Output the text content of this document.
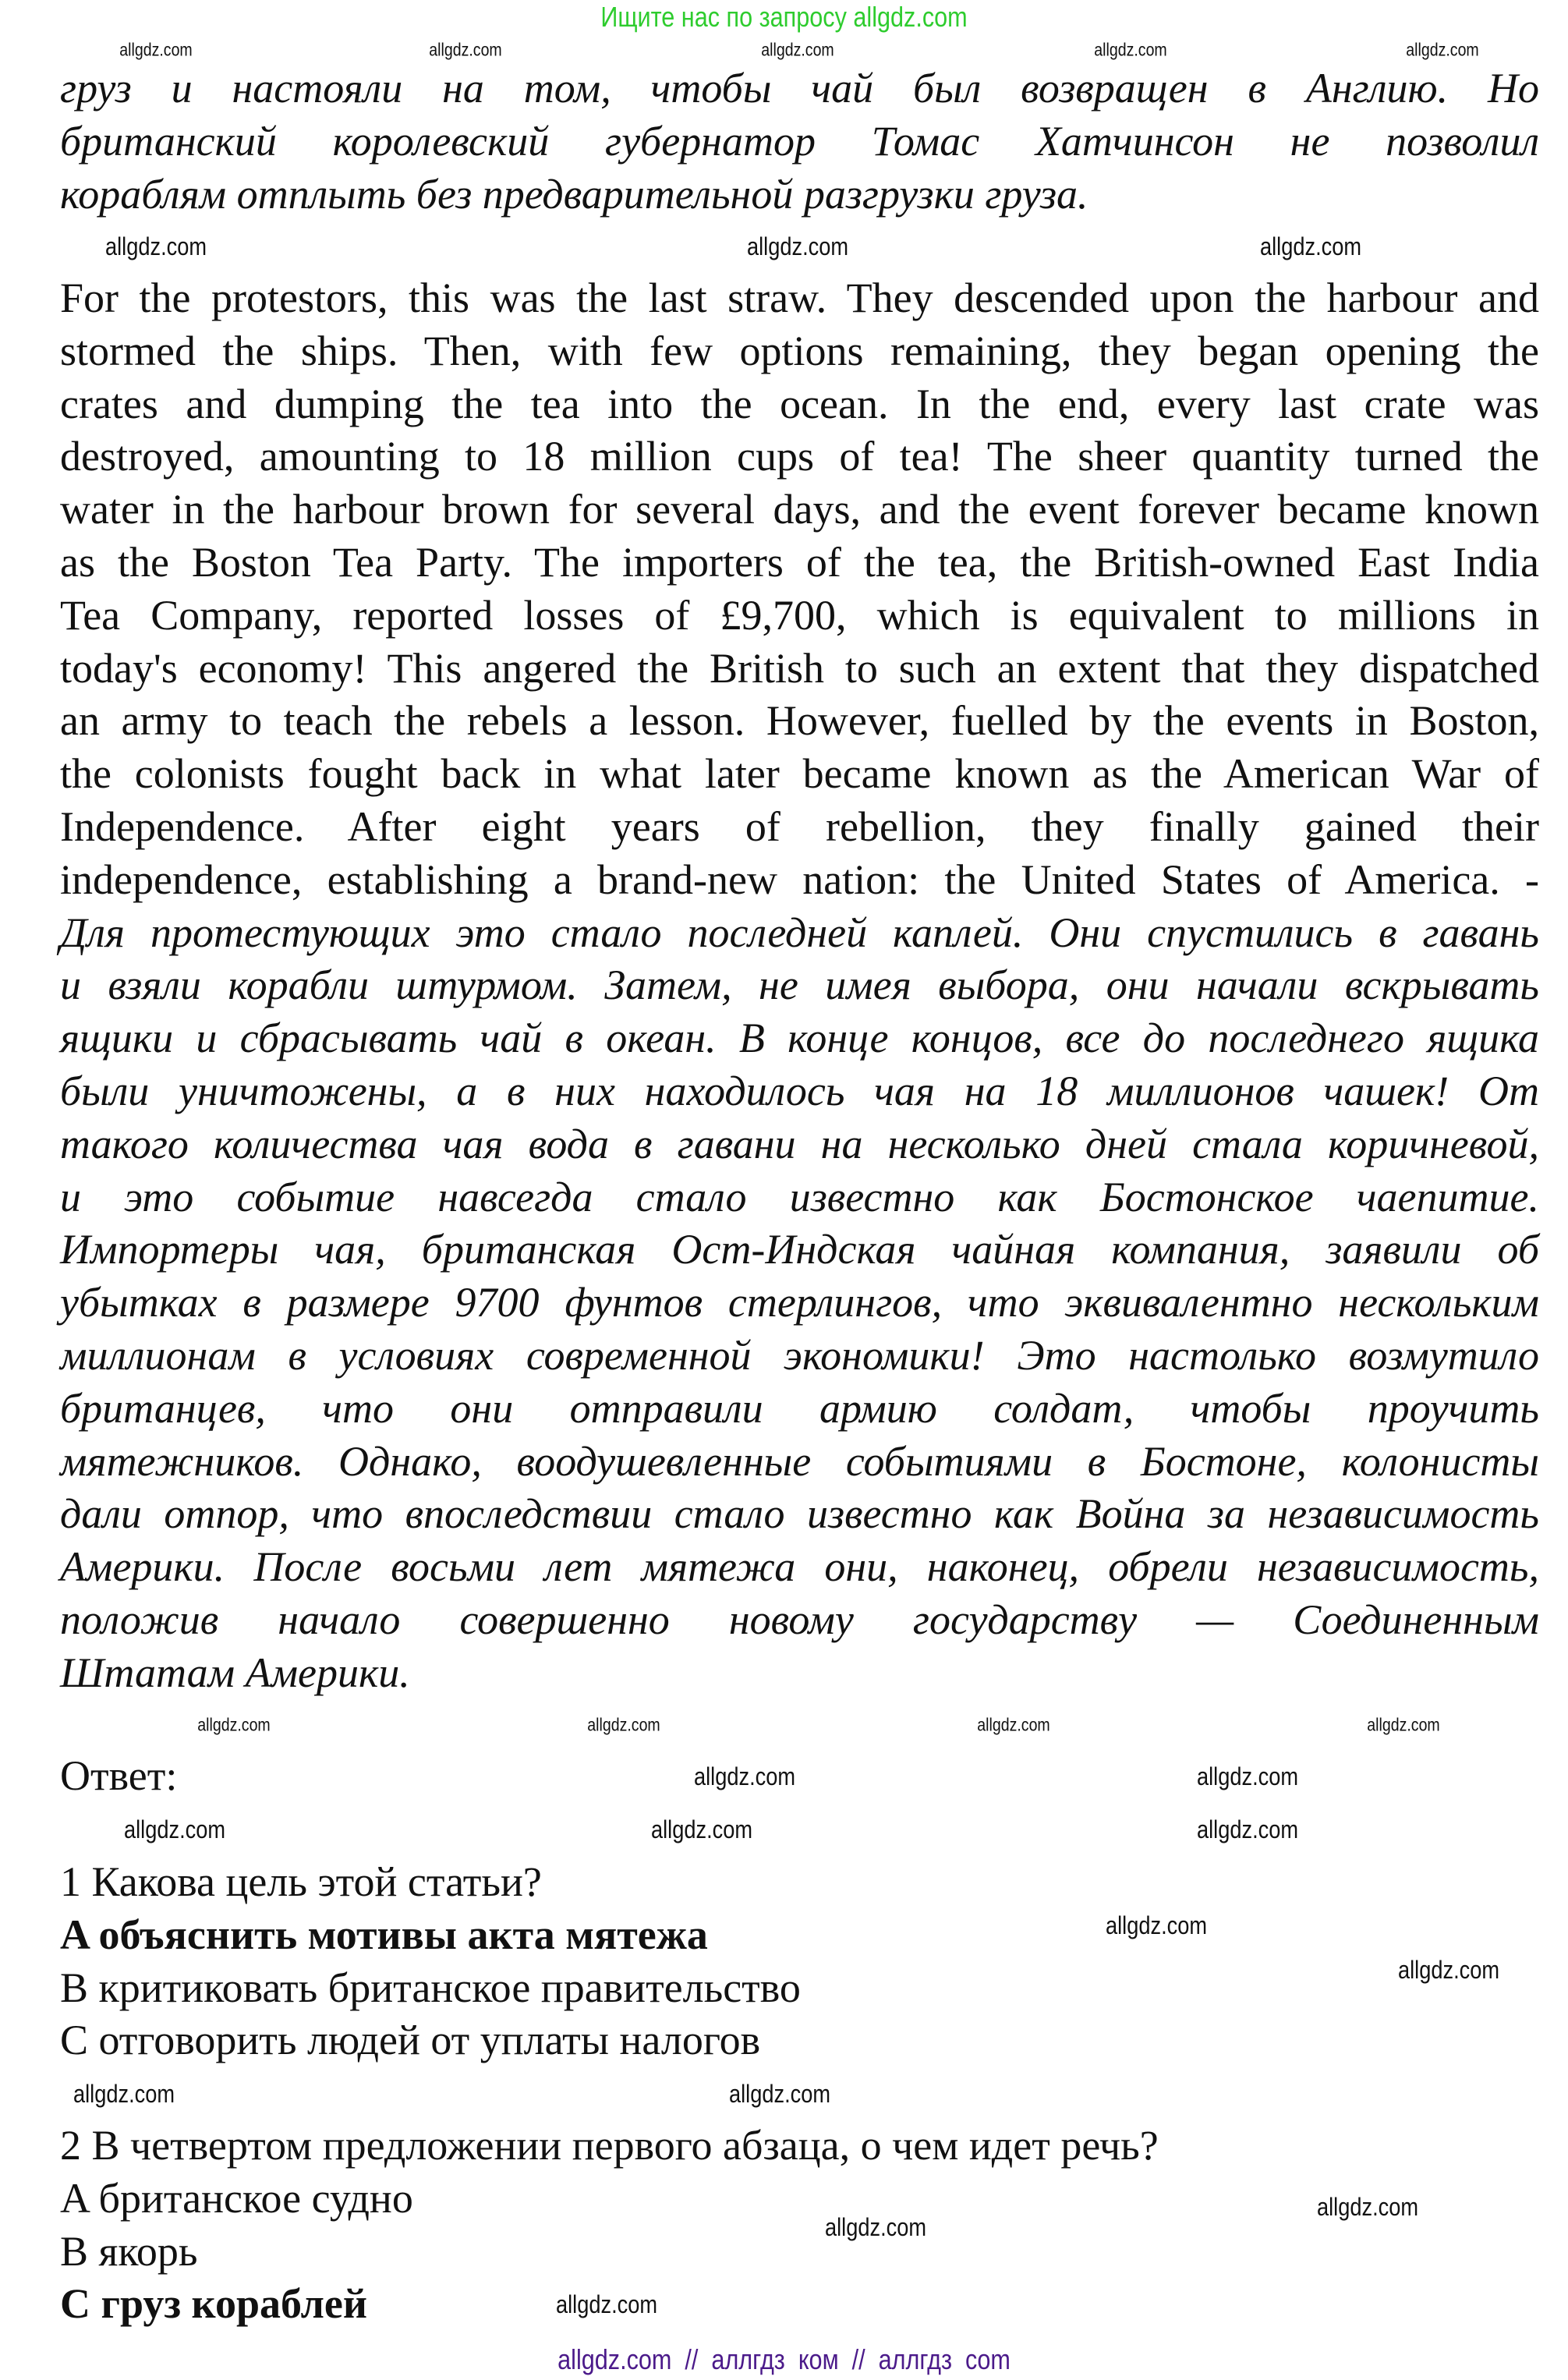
Ищите нас по запросу allgdz.com
груз и настояли на том, чтобы чай был возвращен в Англию. Но
британский королевский губернатор Томас Хатчинсон не позволил
кораблям отплыть без предварительной разгрузки груза.
For the protestors, this was the last straw. They descended upon the harbour and
stormed the ships. Then, with few options remaining, they began opening the
crates and dumping the tea into the ocean. In the end, every last crate was
destroyed, amounting to 18 million cups of tea! The sheer quantity turned the
water in the harbour brown for several days, and the event forever became known
as the Boston Tea Party. The importers of the tea, the British-owned East India
Tea Company, reported losses of £9,700, which is equivalent to millions in
today's economy! This angered the British to such an extent that they dispatched
an army to teach the rebels a lesson. However, fuelled by the events in Boston,
the colonists fought back in what later became known as the American War of
Independence. After eight years of rebellion, they finally gained their
independence, establishing a brand-new nation: the United States of America. -
Для протестующих это стало последней каплей. Они спустились в гавань
и взяли корабли штурмом. Затем, не имея выбора, они начали вскрывать
ящики и сбрасывать чай в океан. В конце концов, все до последнего ящика
были уничтожены, а в них находилось чая на 18 миллионов чашек! От
такого количества чая вода в гавани на несколько дней стала коричневой,
и это событие навсегда стало известно как Бостонское чаепитие.
Импортеры чая, британская Ост-Индская чайная компания, заявили об
убытках в размере 9700 фунтов стерлингов, что эквивалентно нескольким
миллионам в условиях современной экономики! Это настолько возмутило
британцев, что они отправили армию солдат, чтобы проучить
мятежников. Однако, воодушевленные событиями в Бостоне, колонисты
дали отпор, что впоследствии стало известно как Война за независимость
Америки. После восьми лет мятежа они, наконец, обрели независимость,
положив начало совершенно новому государству — Соединенным
Штатам Америки.
Ответ:
1 Какова цель этой статьи?
A объяснить мотивы акта мятежа
B критиковать британское правительство
C отговорить людей от уплаты налогов
2 В четвертом предложении первого абзаца, о чем идет речь?
A британское судно
B якорь
C груз кораблей
allgdz.com // аллгдз ком // аллгдз com
allgdz.com	allgdz.com	allgdz.com	allgdz.com	allgdz.com
allgdz.com	allgdz.com	allgdz.com
allgdz.com	allgdz.com	allgdz.com	allgdz.com
allgdz.com	allgdz.com
allgdz.com	allgdz.com	allgdz.com
allgdz.com
allgdz.com
allgdz.com	allgdz.com
allgdz.com
allgdz.com
allgdz.com
